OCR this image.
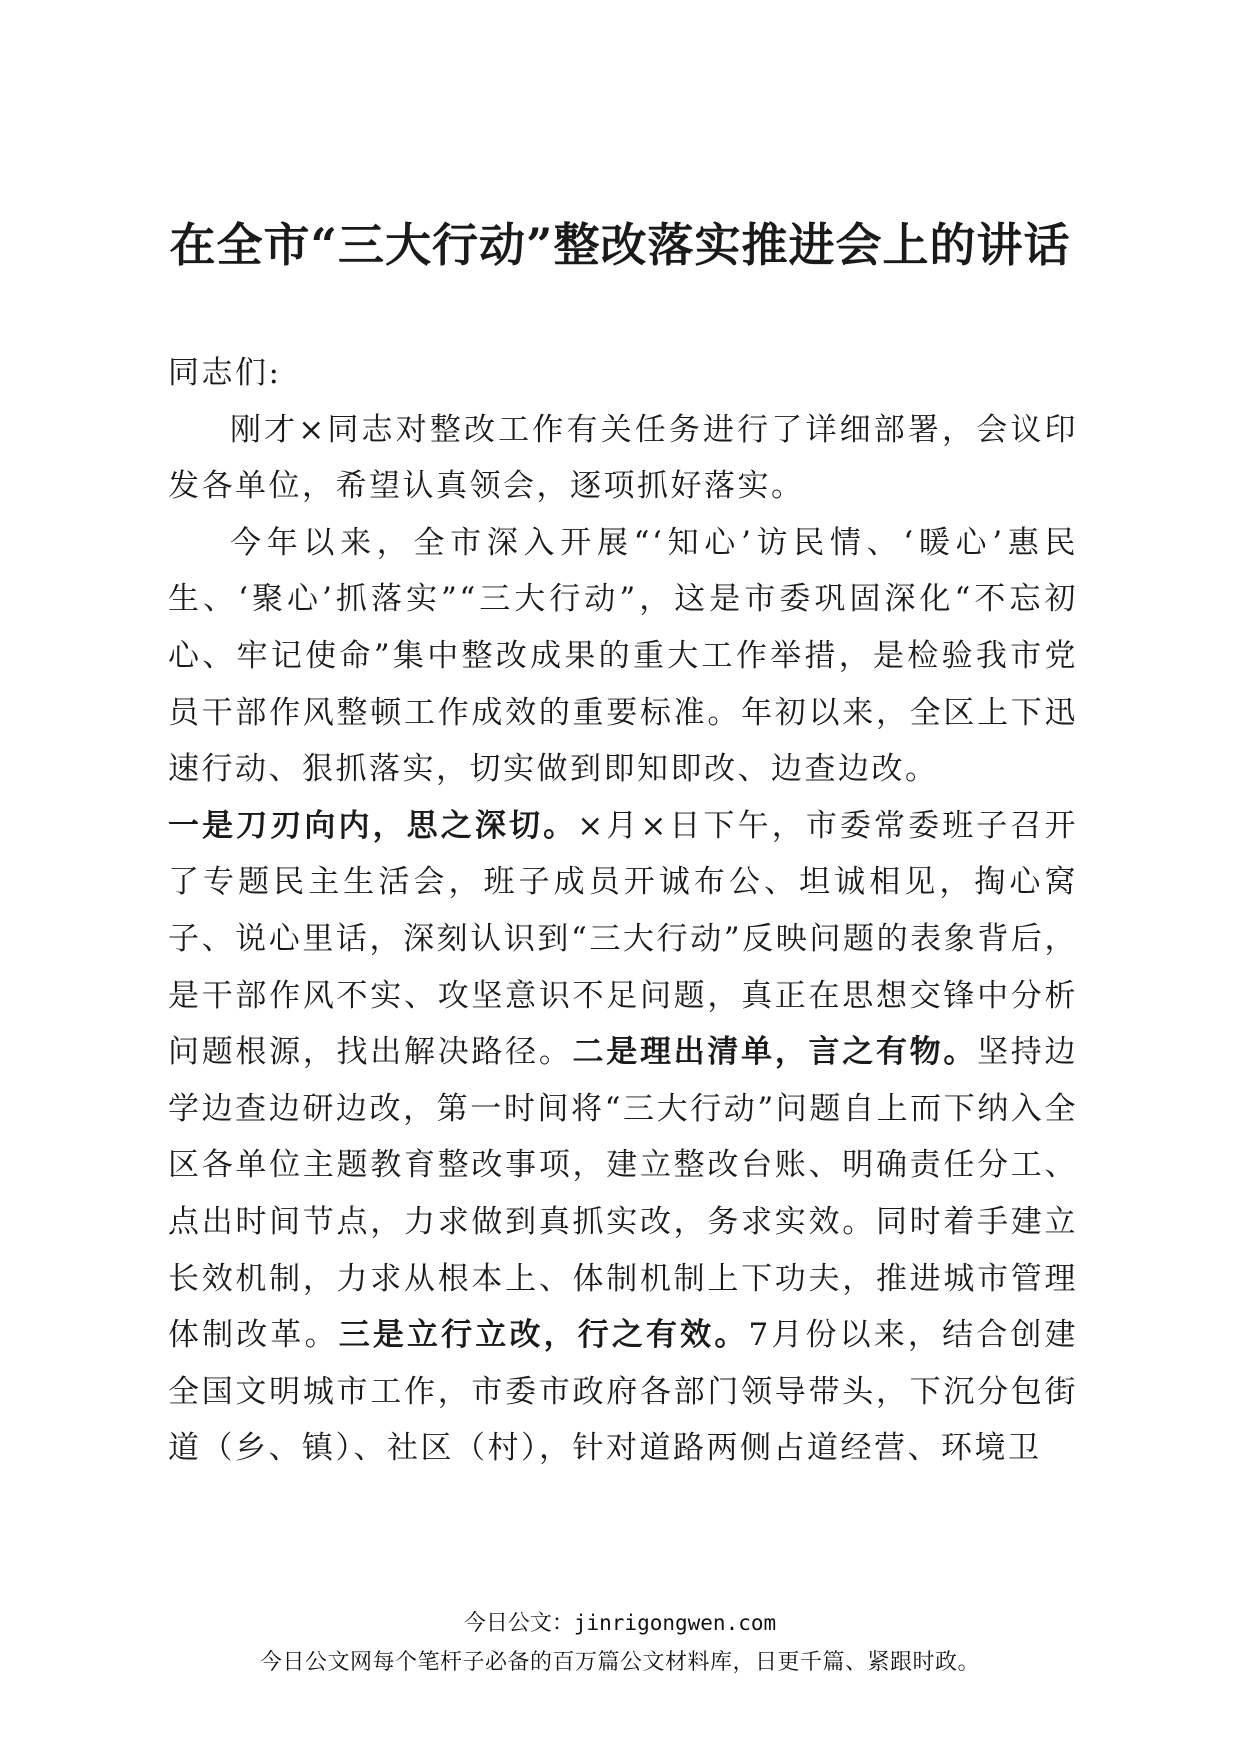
在全市“三大行动”整改落实推进会上的讲话

同志们:

刚才×同志对整改工作有关任务进行了详细部署，会议印发各单位，希望认真领会，逐项抓好落实。

今年以来，全市深入开展“‘知心’访民情、‘暖心’惠民生、‘聚心’抓落实”“三大行动”，这是市委巩固深化“不忘初心、牢记使命”集中整改成果的重大工作举措，是检验我市党员干部作风整顿工作成效的重要标准。年初以来，全区上下迅速行动、狠抓落实，切实做到即知即改、边查边改。

一是刀刃向内，思之深切。×月×日下午，市委常委班子召开了专题民主生活会，班子成员开诚布公、坦诚相见，掏心窝子、说心里话，深刻认识到“三大行动”反映问题的表象背后，是干部作风不实、攻坚意识不足问题，真正在思想交锋中分析问题根源，找出解决路径。二是理出清单，言之有物。坚持边学边查边研边改，第一时间将“三大行动”问题自上而下纳入全区各单位主题教育整改事项，建立整改台账、明确责任分工、点出时间节点，力求做到真抓实改，务求实效。同时着手建立长效机制，力求从根本上、体制机制上下功夫，推进城市管理体制改革。三是立行立改，行之有效。7月份以来，结合创建全国文明城市工作，市委市政府各部门领导带头，下沉分包街道（乡、镇）、社区（村），针对道路两侧占道经营、环境卫

今日公文：jinrigongwen.com

今日公文网每个笔杆子必备的百万篇公文材料库，日更千篇、紧跟时政。
